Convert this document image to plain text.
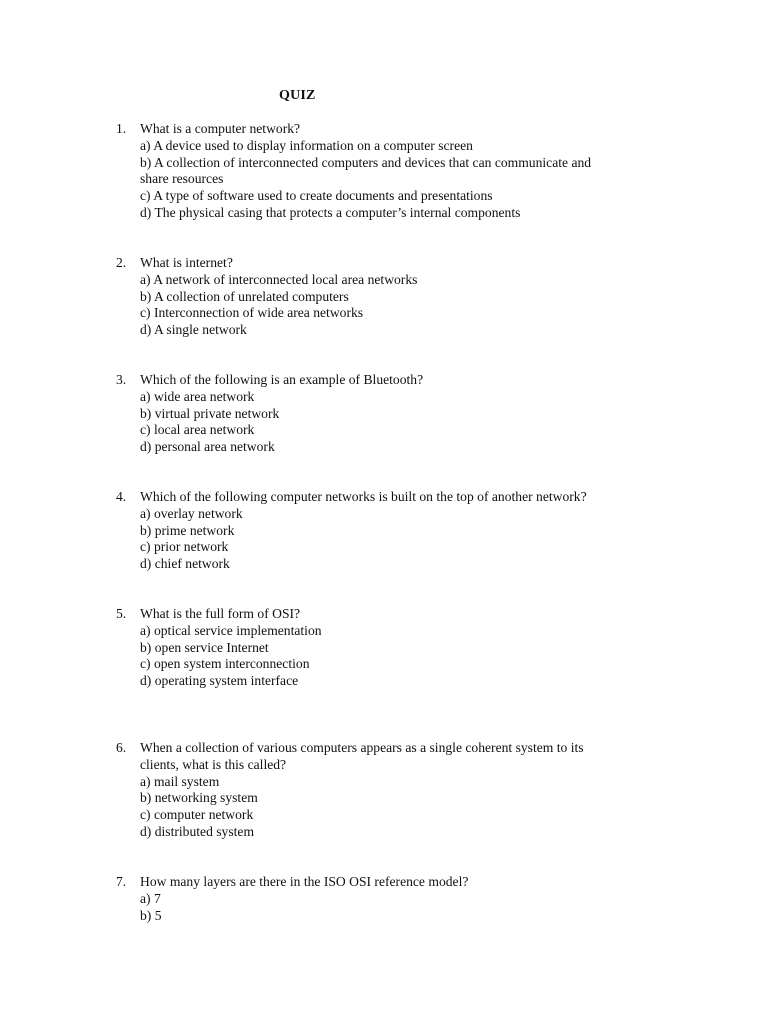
QUIZ
1. What is a computer network?
a) A device used to display information on a computer screen
b) A collection of interconnected computers and devices that can communicate and
share resources
c) A type of software used to create documents and presentations
d) The physical casing that protects a computer’s internal components
2. What is internet?
a) A network of interconnected local area networks
b) A collection of unrelated computers
c) Interconnection of wide area networks
d) A single network
3. Which of the following is an example of Bluetooth?
a) wide area network
b) virtual private network
c) local area network
d) personal area network
4. Which of the following computer networks is built on the top of another network?
a) overlay network
b) prime network
c) prior network
d) chief network
5. What is the full form of OSI?
a) optical service implementation
b) open service Internet
c) open system interconnection
d) operating system interface
6. When a collection of various computers appears as a single coherent system to its
clients, what is this called?
a) mail system
b) networking system
c) computer network
d) distributed system
7. How many layers are there in the ISO OSI reference model?
a) 7
b) 5
